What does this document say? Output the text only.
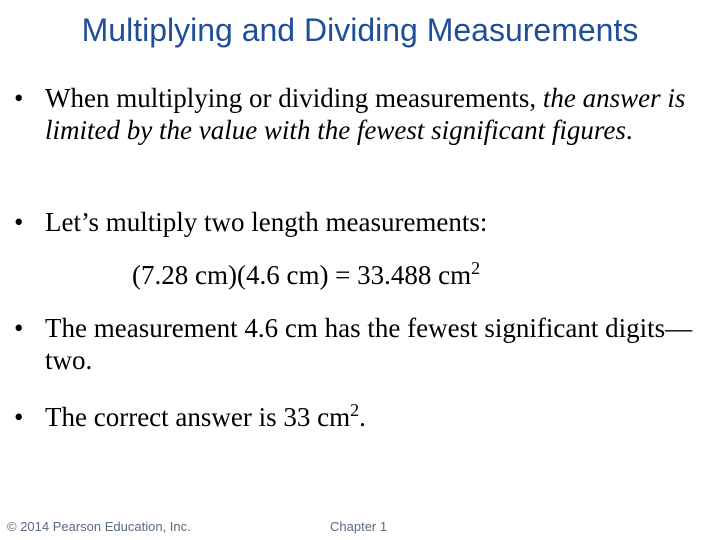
Multiplying and Dividing Measurements
• When multiplying or dividing measurements, the answer is limited by the value with the fewest significant figures.
• Let’s multiply two length measurements:
(7.28 cm)(4.6 cm) = 33.488 $cm^2$
• The measurement 4.6 cm has the fewest significant digits—two.
• The correct answer is 33 $cm^2$.
© 2014 Pearson Education, Inc.	Chapter 1
